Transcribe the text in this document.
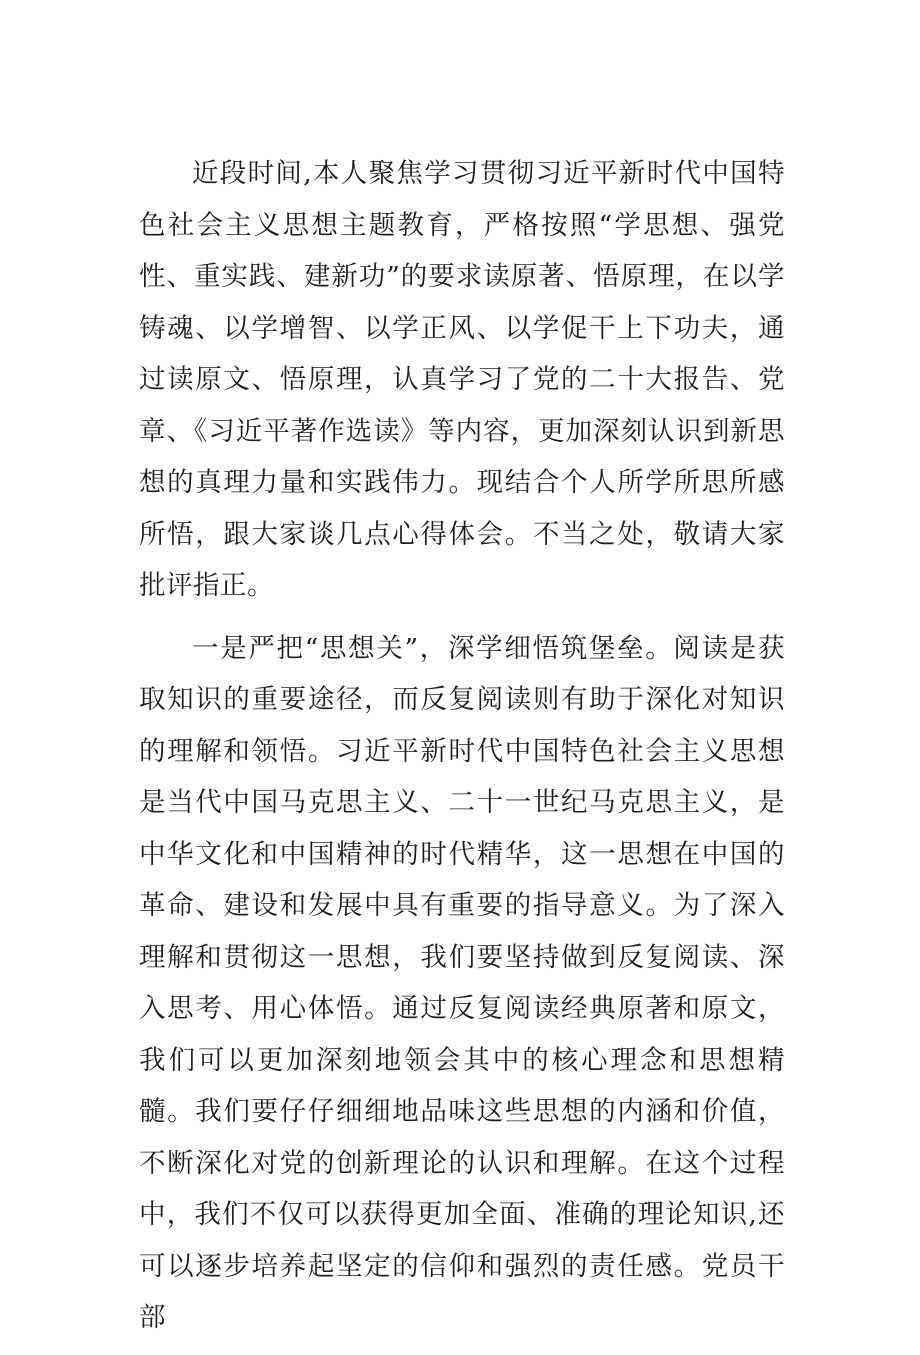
近段时间,本人聚焦学习贯彻习近平新时代中国特色社会主义思想主题教育，严格按照“学思想、强党性、重实践、建新功”的要求读原著、悟原理，在以学铸魂、以学增智、以学正风、以学促干上下功夫，通过读原文、悟原理，认真学习了党的二十大报告、党章、《习近平著作选读》等内容，更加深刻认识到新思想的真理力量和实践伟力。现结合个人所学所思所感所悟，跟大家谈几点心得体会。不当之处，敬请大家批评指正。

一是严把“思想关”，深学细悟筑堡垒。阅读是获取知识的重要途径，而反复阅读则有助于深化对知识的理解和领悟。习近平新时代中国特色社会主义思想是当代中国马克思主义、二十一世纪马克思主义，是中华文化和中国精神的时代精华，这一思想在中国的革命、建设和发展中具有重要的指导意义。为了深入理解和贯彻这一思想，我们要坚持做到反复阅读、深入思考、用心体悟。通过反复阅读经典原著和原文，我们可以更加深刻地领会其中的核心理念和思想精髓。我们要仔仔细细地品味这些思想的内涵和价值，不断深化对党的创新理论的认识和理解。在这个过程中，我们不仅可以获得更加全面、准确的理论知识,还可以逐步培养起坚定的信仰和强烈的责任感。党员干部
